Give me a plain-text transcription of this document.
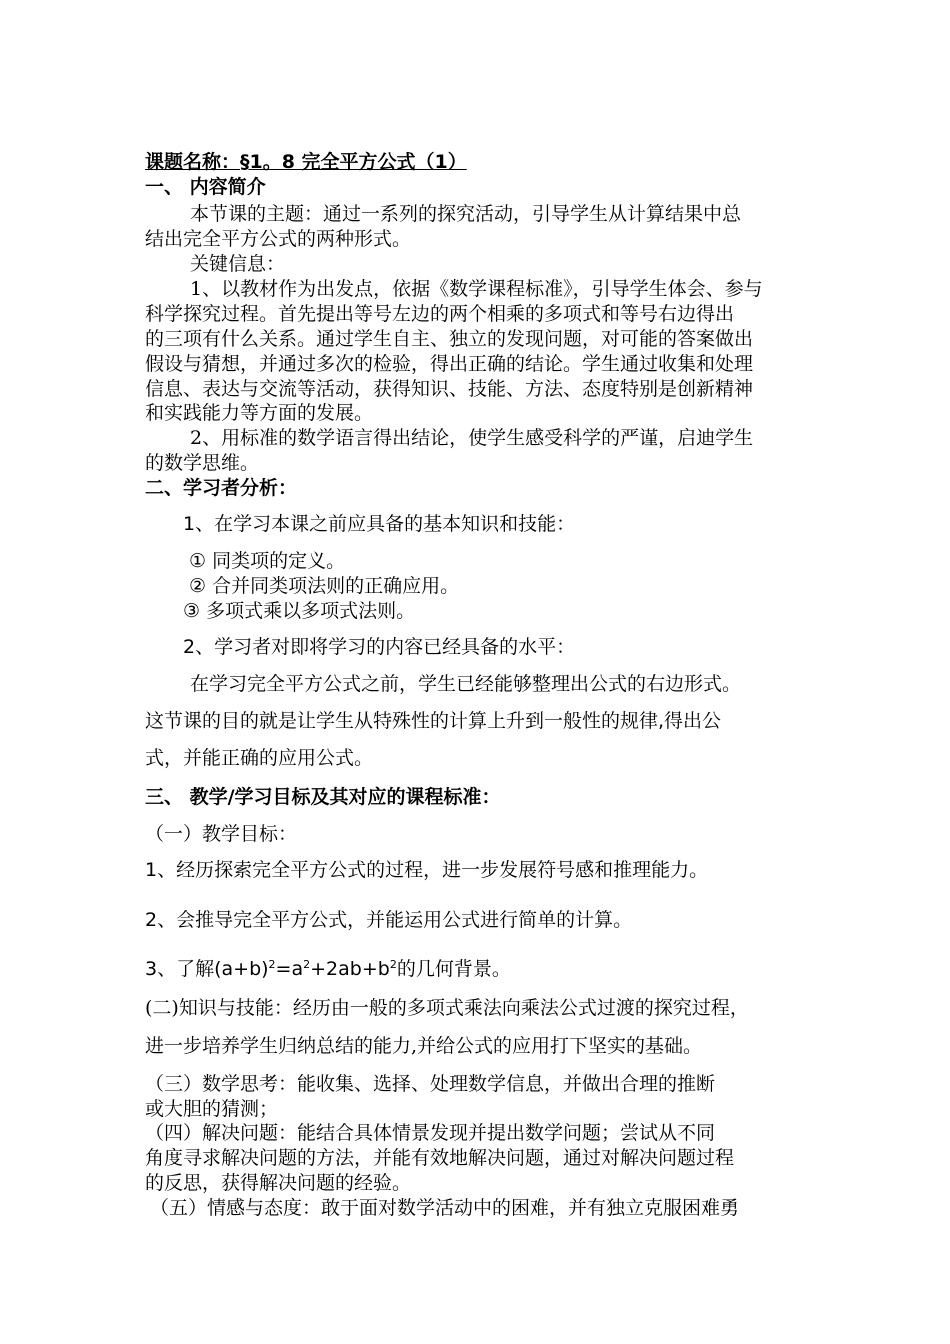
课题名称：§1。8 完全平方公式（1）
一、 内容简介
本节课的主题：通过一系列的探究活动，引导学生从计算结果中总
结出完全平方公式的两种形式。
关键信息：
1、以教材作为出发点，依据《数学课程标准》，引导学生体会、参与
科学探究过程。首先提出等号左边的两个相乘的多项式和等号右边得出
的三项有什么关系。通过学生自主、独立的发现问题，对可能的答案做出
假设与猜想，并通过多次的检验，得出正确的结论。学生通过收集和处理
信息、表达与交流等活动，获得知识、技能、方法、态度特别是创新精神
和实践能力等方面的发展。
2、用标准的数学语言得出结论，使学生感受科学的严谨，启迪学生
的数学思维。
二、学习者分析：
1、在学习本课之前应具备的基本知识和技能：
① 同类项的定义。
② 合并同类项法则的正确应用。
③ 多项式乘以多项式法则。
2、学习者对即将学习的内容已经具备的水平：
在学习完全平方公式之前，学生已经能够整理出公式的右边形式。
这节课的目的就是让学生从特殊性的计算上升到一般性的规律,得出公
式，并能正确的应用公式。
三、 教学/学习目标及其对应的课程标准：
（一）教学目标：
1、经历探索完全平方公式的过程，进一步发展符号感和推理能力。
2、会推导完全平方公式，并能运用公式进行简单的计算。
3、了解$(a+b)^2=a^2+2ab+b^2$的几何背景。
(二)知识与技能：经历由一般的多项式乘法向乘法公式过渡的探究过程，
进一步培养学生归纳总结的能力,并给公式的应用打下坚实的基础。
（三）数学思考：能收集、选择、处理数学信息，并做出合理的推断
或大胆的猜测；
（四）解决问题：能结合具体情景发现并提出数学问题；尝试从不同
角度寻求解决问题的方法，并能有效地解决问题，通过对解决问题过程
的反思，获得解决问题的经验。
（五）情感与态度：敢于面对数学活动中的困难，并有独立克服困难勇
